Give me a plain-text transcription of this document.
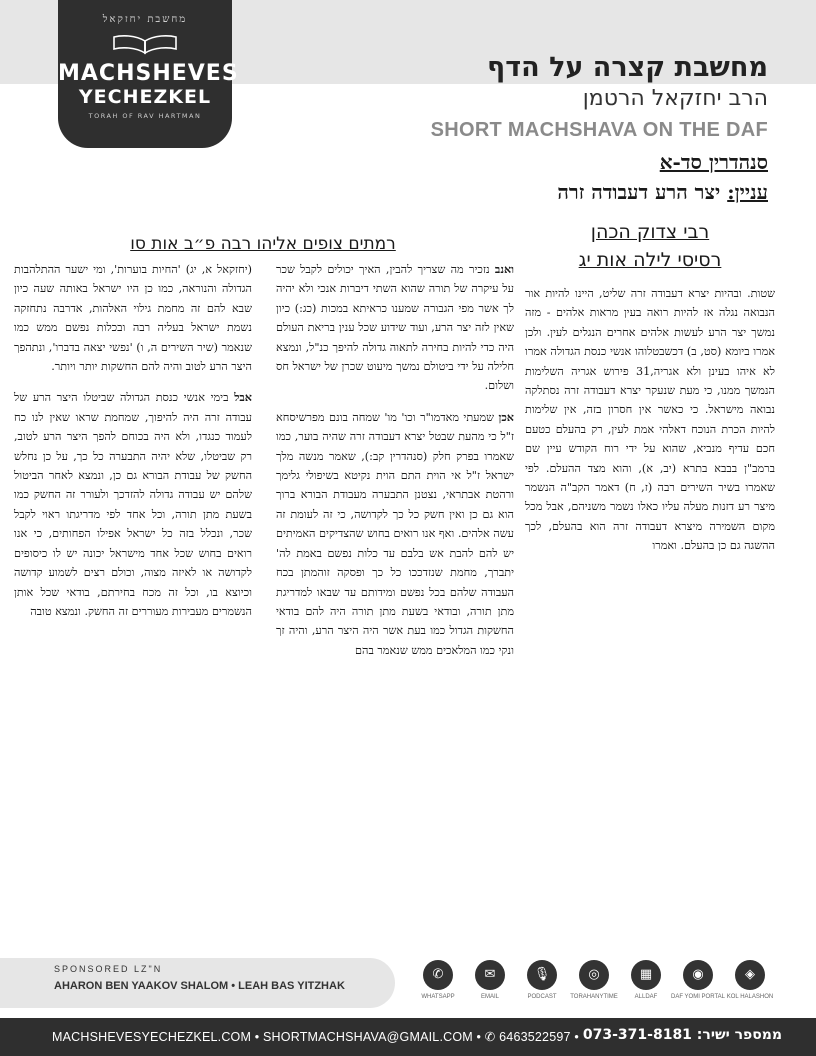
מחשבת יחזקאל
MACHSHEVES
YECHEZKEL
TORAH OF RAV HARTMAN
מחשבת קצרה על הדף
הרב יחזקאל הרטמן
SHORT MACHSHAVA ON THE DAF
סנהדרין סד-א
עניין: יצר הרע דעבודה זרה
רבי צדוק הכהן
רסיסי לילה אות יג
שטות. ובהיות יצרא דעבודה זרה שליט, היינו להיות אור הנבואה נגלה אז להיות רואה בעין מראות אלהים - מזה נמשך יצר הרע לעשות אלהים אחרים הנגלים לעין. ולכן אמרו ביומא (סט, ב) דכשבטלוהו אנשי כנסת הגדולה אמרו לא איהו בעינן ולא אגריה,31 פירוש אגריה השלימות הנמשך ממנו, כי מעת שנעקר יצרא דעבודה זרה נסתלקה נבואה מישראל. כי כאשר אין חסרון בזה, אין שלימות להיות הכרת הנוכח דאלהי אמת לעין, רק בהעלם כטעם חכם עדיף מנביא, שהוא על ידי רוח הקודש עיין שם ברמב"ן בבבא בתרא (יב, א), והוא מצד ההעלם. לפי שאמרו בשיר השירים רבה (ז, ח) דאמר הקב"ה הנשמר מיצר רע דזנות מעלה עליו כאלו נשמר משניהם, אבל מכל מקום השמירה מיצרא דעבודה זרה הוא בהעלם, לכך ההשגה גם כן בהעלם. ואמרו
רמתים צופים אליהו רבה פ״ב אות סו
ואנב נזכיר מה שצריך להבין, האיך יכולים לקבל שכר על עיקרה של תורה שהוא השתי דיברות אנכי ולא יהיה לך אשר מפי הגבורה שמענו כראיתא במכות (כג:) כיון שאין לזה יצר הרע, ועוד שידוע שכל ענין בריאת העולם היה כדי להיות בחירה לתאוה גדולה להיפך כנ"ל, ונמצא חלילה על ידי ביטולם נמשך מיעוט שכרן של ישראל חס ושלום.
אכן שמעתי מאדמו"ר וכו' מו' שמחה בונם מפרשיסחא ז"ל כי מהעת שבטל יצרא דעבודה זרה שהיה בוער, כמו שאמרו בפרק חלק (סנהדרין קב:), שאמר מנשה מלך ישראל ז"ל אי הוית התם הוית נקיטא בשיפולי גלימך ורהטת אבתראי, נצטנן התבערה מעבודת הבורא ברוך הוא גם כן ואין חשק כל כך לקדושה, כי זה לעומת זה עשה אלהים. ואף אנו רואים בחוש שהצדיקים האמיתים יש להם להבת אש בלבם עד כלות נפשם באמת לה' יתברך, מחמת שנזדככו כל כך ופסקה זוהמתן בכח העבודה שלהם בכל נפשם ומידותם עד שבאו למדריגת מתן תורה, ובודאי בשעת מתן תורה היה להם בודאי החשקות הגדול כמו בעת אשר היה היצר הרע, והיה זך ונקי כמו המלאכים ממש שנאמר בהם
(יחזקאל א, יג) 'החיות בוערות', ומי ישער ההתלהבות הגדולה והנוראה, כמו כן היו ישראל באותה שעה כיון שבא להם זה מחמת גילוי האלהות, אדרבה נתחזקה נשמת ישראל בעליה רבה ובכלות נפשם ממש כמו שנאמר (שיר השירים ה, ו) 'נפשי יצאה בדברו', ונתהפך היצר הרע לטוב והיה להם החשקות יותר ויותר.
אבל בימי אנשי כנסת הגדולה שביטלו היצר הרע של עבודה זרה היה להיפוך, שמחמת שראו שאין לנו כח לעמוד כנגדו, ולא היה בכוחם להפך היצר הרע לטוב, רק שביטלו, שלא יהיה התבערה כל כך, על כן נחלש החשק של עבודת הבורא גם כן, ונמצא לאחר הביטול שלהם יש עבודה גדולה להזדכך ולעורר זה החשק כמו בשעת מתן תורה, וכל אחד לפי מדריגתו ראוי לקבל שכר, ונכלל בזה כל ישראל אפילו הפחותים, כי אנו רואים בחוש שכל אחד מישראל יכונה יש לו כיסופים לקדושה או לאיזה מצוה, וכולם רצים לשמוע קדושה וכיוצא בו, וכל זה מכח בחירתם, בודאי שכל אותן הנשמרים מעבירות מעוררים זה החשק. ונמצא טובה
SPONSORED LZ"N
AHARON BEN YAAKOV SHALOM • LEAH BAS YITZHAK
✆
WHATSAPP
✉
EMAIL
🎙
PODCAST
◎
TORAHANYTIME
▦
ALLDAF
◉
DAF YOMI PORTAL
◈
KOL HALASHON
MACHSHEVESYECHEZKEL.COM • SHORTMACHSHAVA@GMAIL.COM • ✆ 6463522597 • ממספר ישיר: 073-371-8181
